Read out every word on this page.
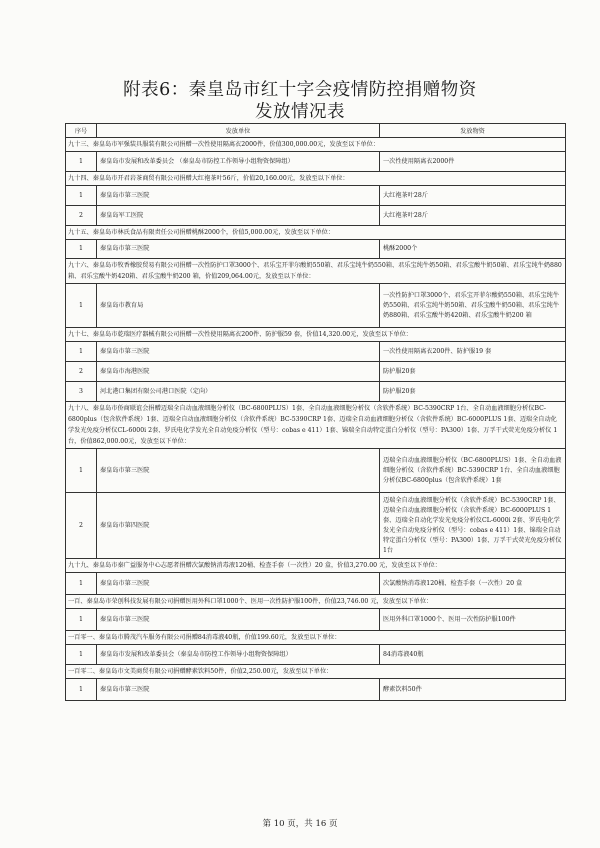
附表6：秦皇岛市红十字会疫情防控捐赠物资
发放情况表
序号	发放单位	发放物资
九十三、秦皇岛市军强装具服装有限公司捐赠一次性使用隔离衣2000件，价值300,000.00元，发放至以下单位：		
1	秦皇岛市发展和改革委员会 （秦皇岛市防控工作领导小组物资保障组）	一次性使用隔离衣2000件
九十四、秦皇岛市开君岩茶商贸有限公司捐赠大红袍茶叶56斤，价值20,160.00元，发放至以下单位：		
1	秦皇岛市第三医院	大红袍茶叶28斤
2	秦皇岛军工医院	大红袍茶叶28斤
九十五、秦皇岛市林氏食品有限责任公司捐赠桃酥2000个，价值5,000.00元，发放至以下单位：		
1	秦皇岛市第三医院	桃酥2000个
九十六、秦皇岛市牧香橡胶贸易有限公司捐赠一次性防护口罩3000个、君乐宝开菲尔酸奶550箱、君乐宝纯牛奶550箱、君乐宝纯牛奶50箱、君乐宝酸牛奶50箱、君乐宝纯牛奶880箱、君乐宝酸牛奶420箱、君乐宝酸牛奶200 箱，价值209,064.00元，发放至以下单位：		
1	秦皇岛市教育局	一次性防护口罩3000个、君乐宝开菲尔酸奶550箱、君乐宝纯牛奶550箱、君乐宝纯牛奶50箱、君乐宝酸牛奶50箱、君乐宝纯牛奶880箱、君乐宝酸牛奶420箱、君乐宝酸牛奶200 箱
九十七、秦皇岛市乾瑞医疗器械有限公司捐赠一次性使用隔离衣200件、防护服59 套，价值14,320.00元，发放至以下单位：		
1	秦皇岛市第三医院	一次性使用隔离衣200件、防护服19 套
2	秦皇岛市海港医院	防护服20套
3	河北港口集团有限公司港口医院（定向）	防护服20套
九十八、秦皇岛市侨商联谊会捐赠迈瑞全自动血液细胞分析仪（BC-6800PLUS）1套、全自动血液细胞分析仪（含软件系统）BC-5390CRP 1台、全自动血液细胞分析仪BC-6800plus（包含软件系统）1套、迈瑞全自动血液细胞分析仪（含软件系统）BC-5390CRP 1套、迈瑞全自动血液细胞分析仪（含软件系统）BC-6000PLUS 1套、迈瑞全自动化学发光免疫分析仪CL-6000i 2套、罗氏电化学发光全自动免疫分析仪（型号：cobas e 411）1套、锦瑞全自动特定蛋白分析仪（型号：PA300）1套、万孚干式荧光免疫分析仪 1台，价值862,000.00元，发放至以下单位：		
1	秦皇岛市第三医院	迈瑞全自动血液细胞分析仪（BC-6800PLUS）1套、全自动血液细胞分析仪（含软件系统）BC-5390CRP 1台、全自动血液细胞分析仪BC-6800plus（包含软件系统）1套
2	秦皇岛市第四医院	迈瑞全自动血液细胞分析仪（含软件系统）BC-5390CRP 1套、迈瑞全自动血液细胞分析仪（含软件系统）BC-6000PLUS 1套、迈瑞全自动化学发光免疫分析仪CL-6000i 2套、罗氏电化学发光全自动免疫分析仪（型号：cobas e 411）1套、锦瑞全自动特定蛋白分析仪（型号：PA300）1套、万孚干式荧光免疫分析仪 1台
九十九、秦皇岛市秦广益服务中心志愿者捐赠次氯酸钠消毒液120桶、检查手套（一次性）20 盒，价值3,270.00 元，发放至以下单位：		
1	秦皇岛市第三医院	次氯酸钠消毒液120桶、检查手套（一次性）20 盒
一百、秦皇岛市荣创科技发展有限公司捐赠医用外科口罩1000个、医用一次性防护服100件，价值23,746.00 元，发放至以下单位：		
1	秦皇岛市第三医院	医用外科口罩1000个、医用一次性防护服100件
一百零一、秦皇岛市腾茂汽车服务有限公司捐赠84消毒液40瓶，价值199.60元，发放至以下单位：		
1	秦皇岛市发展和改革委员会（秦皇岛市防控工作领导小组物资保障组）	84消毒液40瓶
一百零二、秦皇岛市文美商贸有限公司捐赠酵素饮料50件，价值2,250.00元，发放至以下单位：		
1	秦皇岛市第三医院	酵素饮料50件
第 10 页，共 16 页
